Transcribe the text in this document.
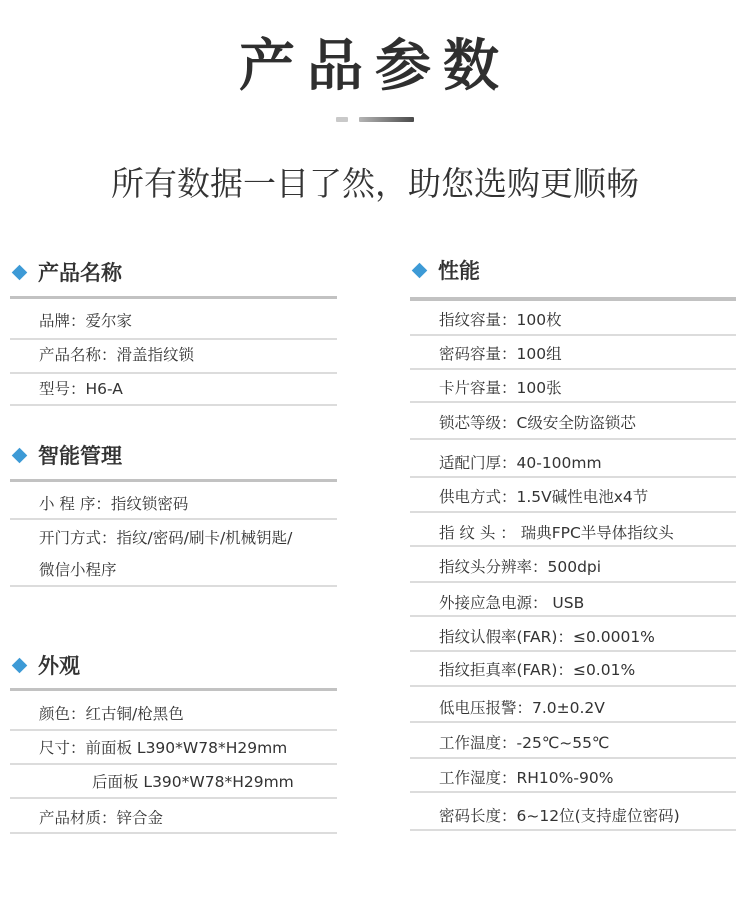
产品参数
所有数据一目了然，助您选购更顺畅
产品名称
品牌：爱尔家
产品名称：滑盖指纹锁
型号：H6-A
智能管理
小 程 序：指纹锁密码
开门方式：指纹/密码/刷卡/机械钥匙/
微信小程序
外观
颜色：红古铜/枪黑色
尺寸：前面板 L390*W78*H29mm
后面板 L390*W78*H29mm
产品材质：锌合金
性能
指纹容量：100枚
密码容量：100组
卡片容量：100张
锁芯等级：C级安全防盗锁芯
适配门厚：40-100mm
供电方式：1.5V碱性电池x4节
指 纹 头 ： 瑞典FPC半导体指纹头
指纹头分辨率：500dpi
外接应急电源： USB
指纹认假率(FAR)：≤0.0001%
指纹拒真率(FAR)：≤0.01%
低电压报警：7.0±0.2V
工作温度：-25℃~55℃
工作湿度：RH10%-90%
密码长度：6~12位(支持虚位密码)
